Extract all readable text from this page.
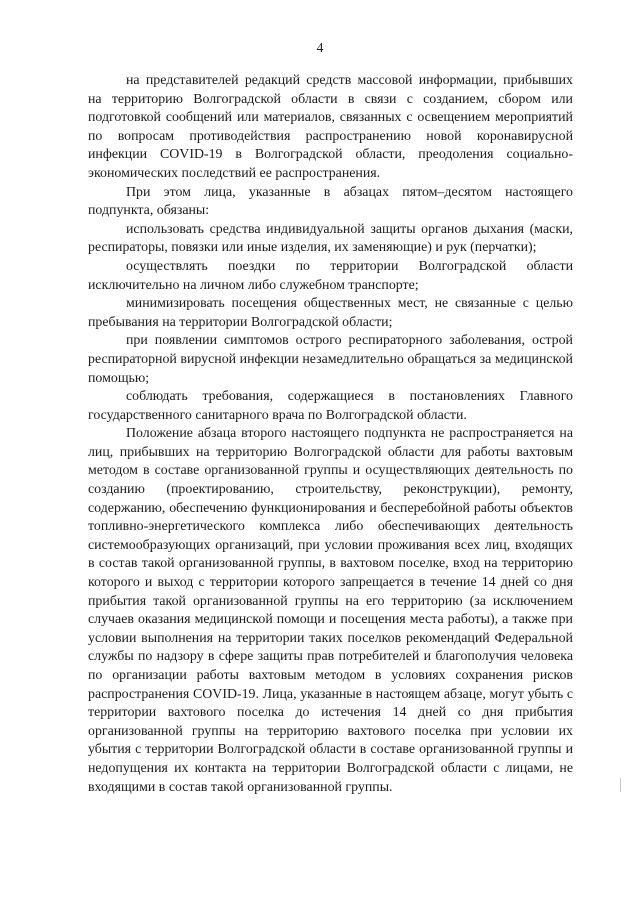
4

на представителей редакций средств массовой информации, прибывших на территорию Волгоградской области в связи с созданием, сбором или подготовкой сообщений или материалов, связанных с освещением мероприятий по вопросам противодействия распространению новой коронавирусной инфекции COVID-19 в Волгоградской области, преодоления социально-экономических последствий ее распространения.

При этом лица, указанные в абзацах пятом–десятом настоящего подпункта, обязаны:

использовать средства индивидуальной защиты органов дыхания (маски, респираторы, повязки или иные изделия, их заменяющие) и рук (перчатки);

осуществлять поездки по территории Волгоградской области исключительно на личном либо служебном транспорте;

минимизировать посещения общественных мест, не связанные с целью пребывания на территории Волгоградской области;

при появлении симптомов острого респираторного заболевания, острой респираторной вирусной инфекции незамедлительно обращаться за медицинской помощью;

соблюдать требования, содержащиеся в постановлениях Главного государственного санитарного врача по Волгоградской области.

Положение абзаца второго настоящего подпункта не распространяется на лиц, прибывших на территорию Волгоградской области для работы вахтовым методом в составе организованной группы и осуществляющих деятельность по созданию (проектированию, строительству, реконструкции), ремонту, содержанию, обеспечению функционирования и бесперебойной работы объектов топливно-энергетического комплекса либо обеспечивающих деятельность системообразующих организаций, при условии проживания всех лиц, входящих в состав такой организованной группы, в вахтовом поселке, вход на территорию которого и выход с территории которого запрещается в течение 14 дней со дня прибытия такой организованной группы на его территорию (за исключением случаев оказания медицинской помощи и посещения места работы), а также при условии выполнения на территории таких поселков рекомендаций Федеральной службы по надзору в сфере защиты прав потребителей и благополучия человека по организации работы вахтовым методом в условиях сохранения рисков распространения COVID-19. Лица, указанные в настоящем абзаце, могут убыть с территории вахтового поселка до истечения 14 дней со дня прибытия организованной группы на территорию вахтового поселка при условии их убытия с территории Волгоградской области в составе организованной группы и недопущения их контакта на территории Волгоградской области с лицами, не входящими в состав такой организованной группы.
